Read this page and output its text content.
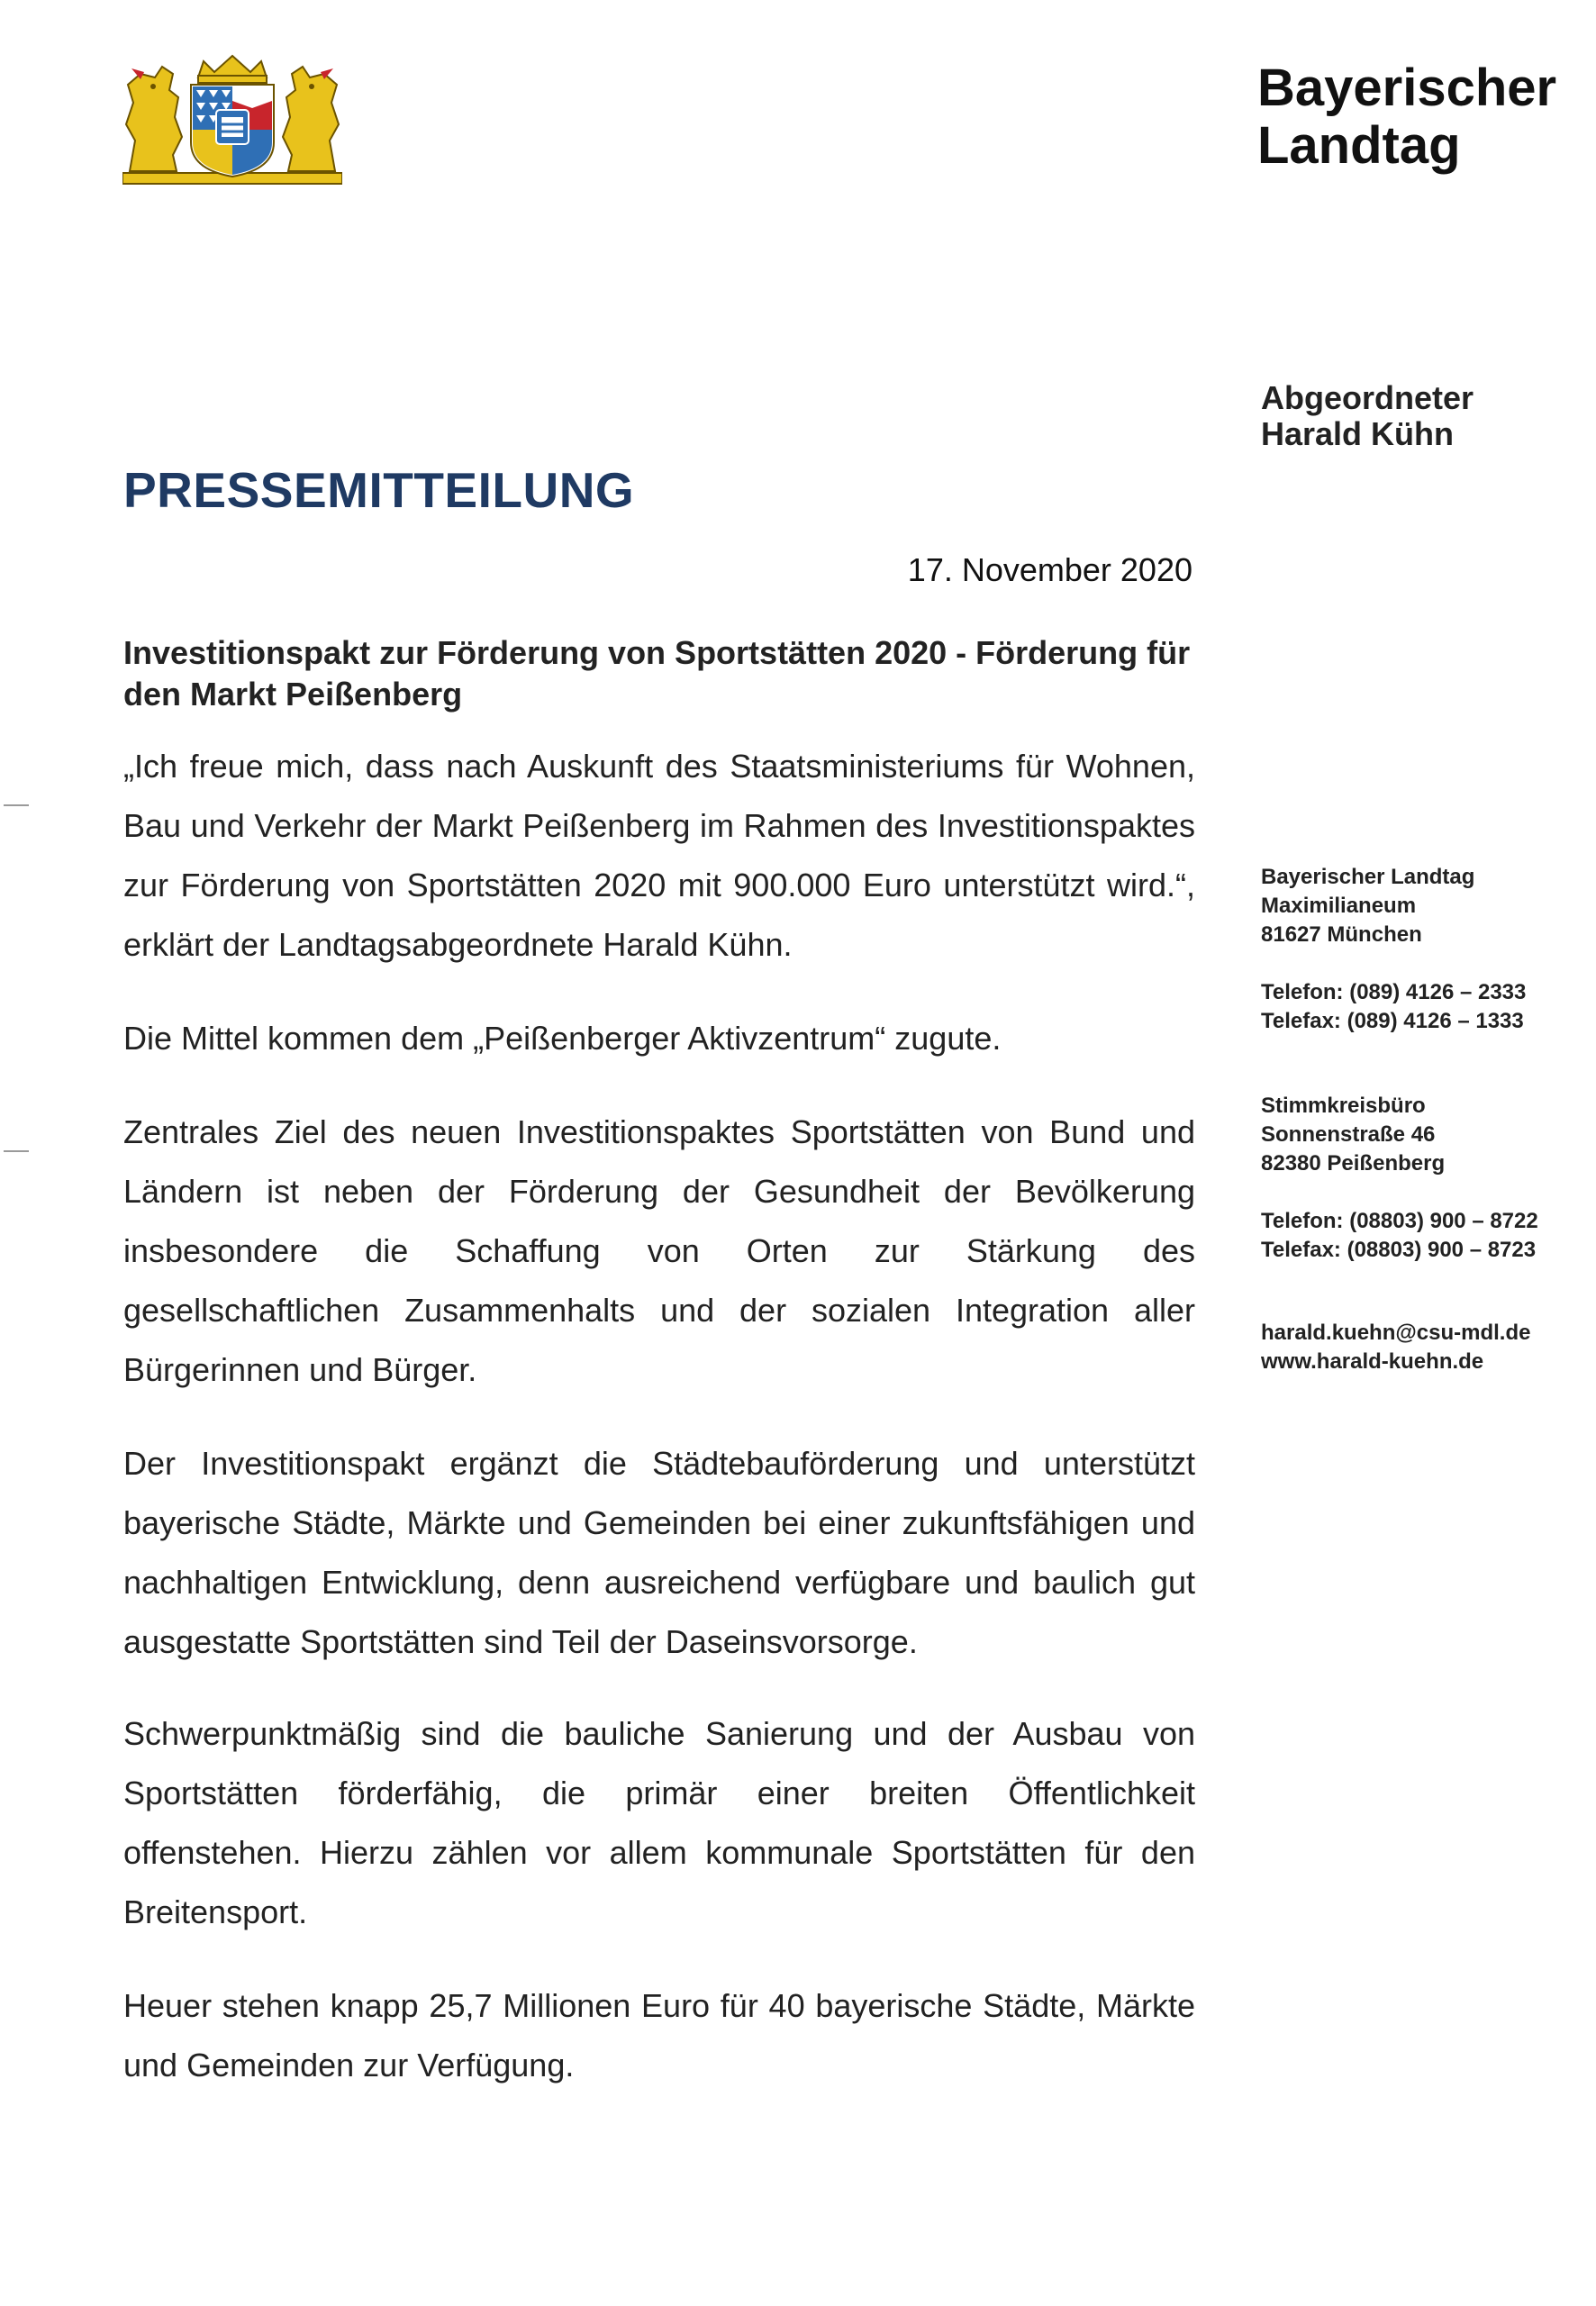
Bayerischer
Landtag
Abgeordneter
Harald Kühn
PRESSEMITTEILUNG
17. November 2020
Investitionspakt zur Förderung von Sportstätten 2020 - Förderung für den Markt Peißenberg
„Ich freue mich, dass nach Auskunft des Staatsministeriums für Wohnen, Bau und Verkehr der Markt Peißenberg im Rahmen des Investitionspaktes zur Förderung von Sportstätten 2020 mit 900.000 Euro unterstützt wird.“, erklärt der Landtagsabgeordnete Harald Kühn.
Die Mittel kommen dem „Peißenberger Aktivzentrum“ zugute.
Zentrales Ziel des neuen Investitionspaktes Sportstätten von Bund und Ländern ist neben der Förderung der Gesundheit der Bevölkerung insbesondere die Schaffung von Orten zur Stärkung des gesellschaftlichen Zusammenhalts und der sozialen Integration aller Bürgerinnen und Bürger.
Der Investitionspakt ergänzt die Städtebauförderung und unterstützt bayerische Städte, Märkte und Gemeinden bei einer zukunftsfähigen und nachhaltigen Entwicklung, denn ausreichend verfügbare und baulich gut ausgestatte Sportstätten sind Teil der Daseinsvorsorge.
Schwerpunktmäßig sind die bauliche Sanierung und der Ausbau von Sportstätten förderfähig, die primär einer breiten Öffentlichkeit offenstehen. Hierzu zählen vor allem kommunale Sportstätten für den Breitensport.
Heuer stehen knapp 25,7 Millionen Euro für 40 bayerische Städte, Märkte und Gemeinden zur Verfügung.
Bayerischer Landtag
Maximilianeum
81627 München
Telefon: (089) 4126 – 2333
Telefax: (089) 4126 – 1333
Stimmkreisbüro
Sonnenstraße 46
82380 Peißenberg
Telefon: (08803) 900 – 8722
Telefax: (08803) 900 – 8723
harald.kuehn@csu-mdl.de
www.harald-kuehn.de
